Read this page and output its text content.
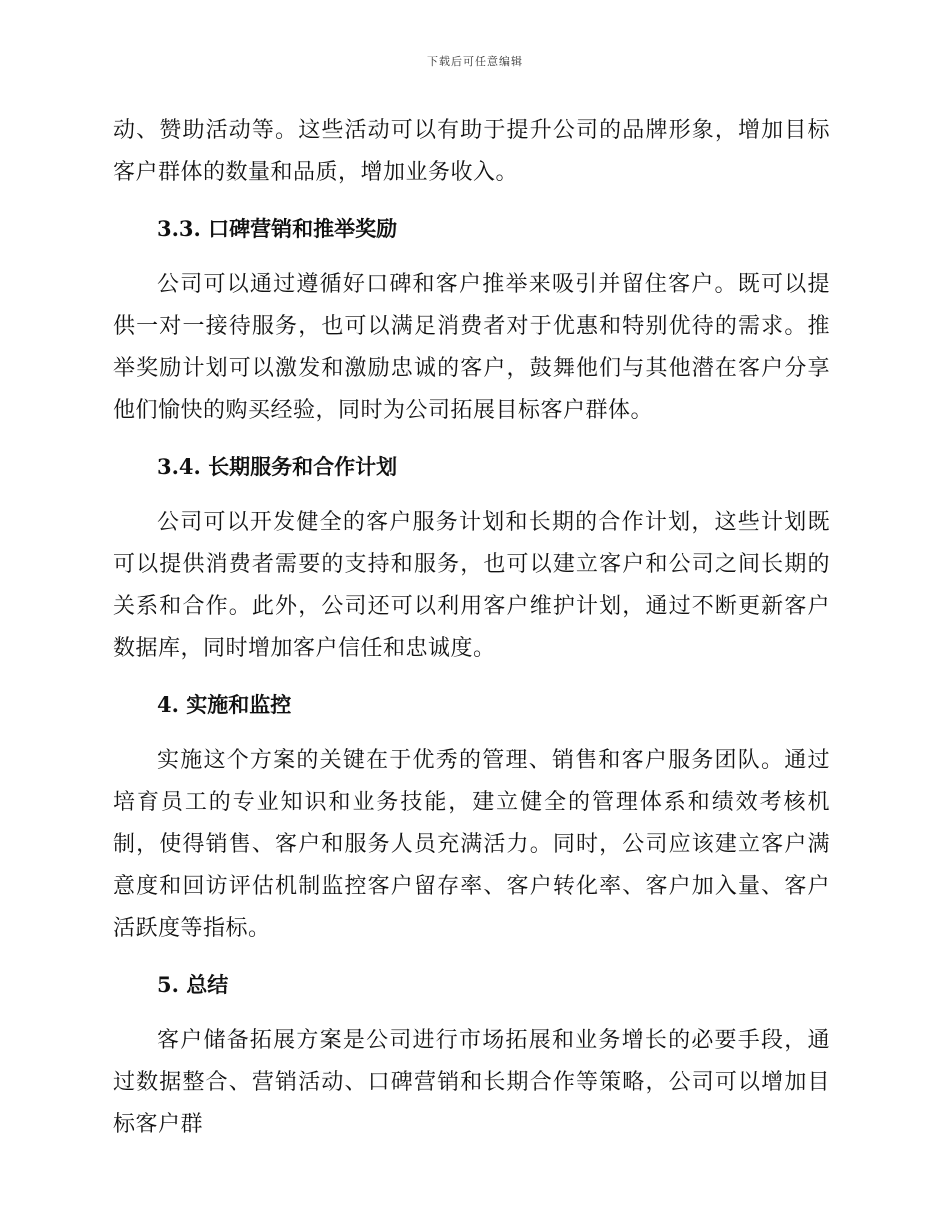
下载后可任意编辑

动、赞助活动等。这些活动可以有助于提升公司的品牌形象，增加目标客户群体的数量和品质，增加业务收入。

3.3. 口碑营销和推举奖励

公司可以通过遵循好口碑和客户推举来吸引并留住客户。既可以提供一对一接待服务，也可以满足消费者对于优惠和特别优待的需求。推举奖励计划可以激发和激励忠诚的客户，鼓舞他们与其他潜在客户分享他们愉快的购买经验，同时为公司拓展目标客户群体。

3.4. 长期服务和合作计划

公司可以开发健全的客户服务计划和长期的合作计划，这些计划既可以提供消费者需要的支持和服务，也可以建立客户和公司之间长期的关系和合作。此外，公司还可以利用客户维护计划，通过不断更新客户数据库，同时增加客户信任和忠诚度。

4. 实施和监控

实施这个方案的关键在于优秀的管理、销售和客户服务团队。通过培育员工的专业知识和业务技能，建立健全的管理体系和绩效考核机制，使得销售、客户和服务人员充满活力。同时，公司应该建立客户满意度和回访评估机制监控客户留存率、客户转化率、客户加入量、客户活跃度等指标。

5. 总结

客户储备拓展方案是公司进行市场拓展和业务增长的必要手段，通过数据整合、营销活动、口碑营销和长期合作等策略，公司可以增加目标客户群
